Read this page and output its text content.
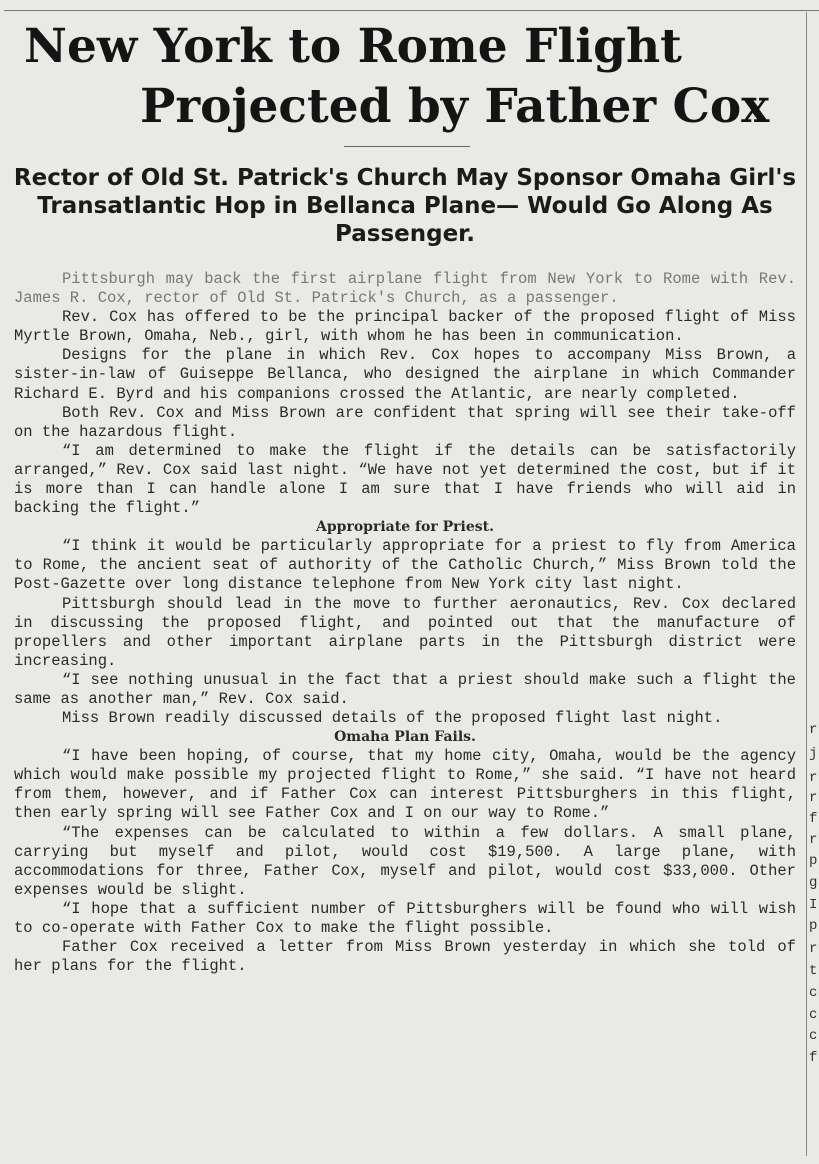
New York to Rome Flight
Projected by Father Cox
Rector of Old St. Patrick's Church May Sponsor Omaha Girl's Transatlantic Hop in Bellanca Plane— Would Go Along As Passenger.

Pittsburgh may back the first airplane flight from New York to Rome with Rev. James R. Cox, rector of Old St. Patrick's Church, as a passenger.

Rev. Cox has offered to be the principal backer of the proposed flight of Miss Myrtle Brown, Omaha, Neb., girl, with whom he has been in communication.

Designs for the plane in which Rev. Cox hopes to accompany Miss Brown, a sister-in-law of Guiseppe Bellanca, who designed the airplane in which Commander Richard E. Byrd and his companions crossed the Atlantic, are nearly completed.

Both Rev. Cox and Miss Brown are confident that spring will see their take-off on the hazardous flight.

“I am determined to make the flight if the details can be satisfactorily arranged,” Rev. Cox said last night. “We have not yet determined the cost, but if it is more than I can handle alone I am sure that I have friends who will aid in backing the flight.”

Appropriate for Priest.

“I think it would be particularly appropriate for a priest to fly from America to Rome, the ancient seat of authority of the Catholic Church,” Miss Brown told the Post-Gazette over long distance telephone from New York city last night.

Pittsburgh should lead in the move to further aeronautics, Rev. Cox declared in discussing the proposed flight, and pointed out that the manufacture of propellers and other important airplane parts in the Pittsburgh district were increasing.

“I see nothing unusual in the fact that a priest should make such a flight the same as another man,” Rev. Cox said.

Miss Brown readily discussed details of the proposed flight last night.

Omaha Plan Fails.

“I have been hoping, of course, that my home city, Omaha, would be the agency which would make possible my projected flight to Rome,” she said. “I have not heard from them, however, and if Father Cox can interest Pittsburghers in this flight, then early spring will see Father Cox and I on our way to Rome.”

“The expenses can be calculated to within a few dollars. A small plane, carrying but myself and pilot, would cost $19,500. A large plane, with accommodations for three, Father Cox, myself and pilot, would cost $33,000. Other expenses would be slight.

“I hope that a sufficient number of Pittsburghers will be found who will wish to co-operate with Father Cox to make the flight possible.

Father Cox received a letter from Miss Brown yesterday in which she told of her plans for the flight.

r
j
r
r
f
r
p
g
I
p
r
t
c
c
c
f
